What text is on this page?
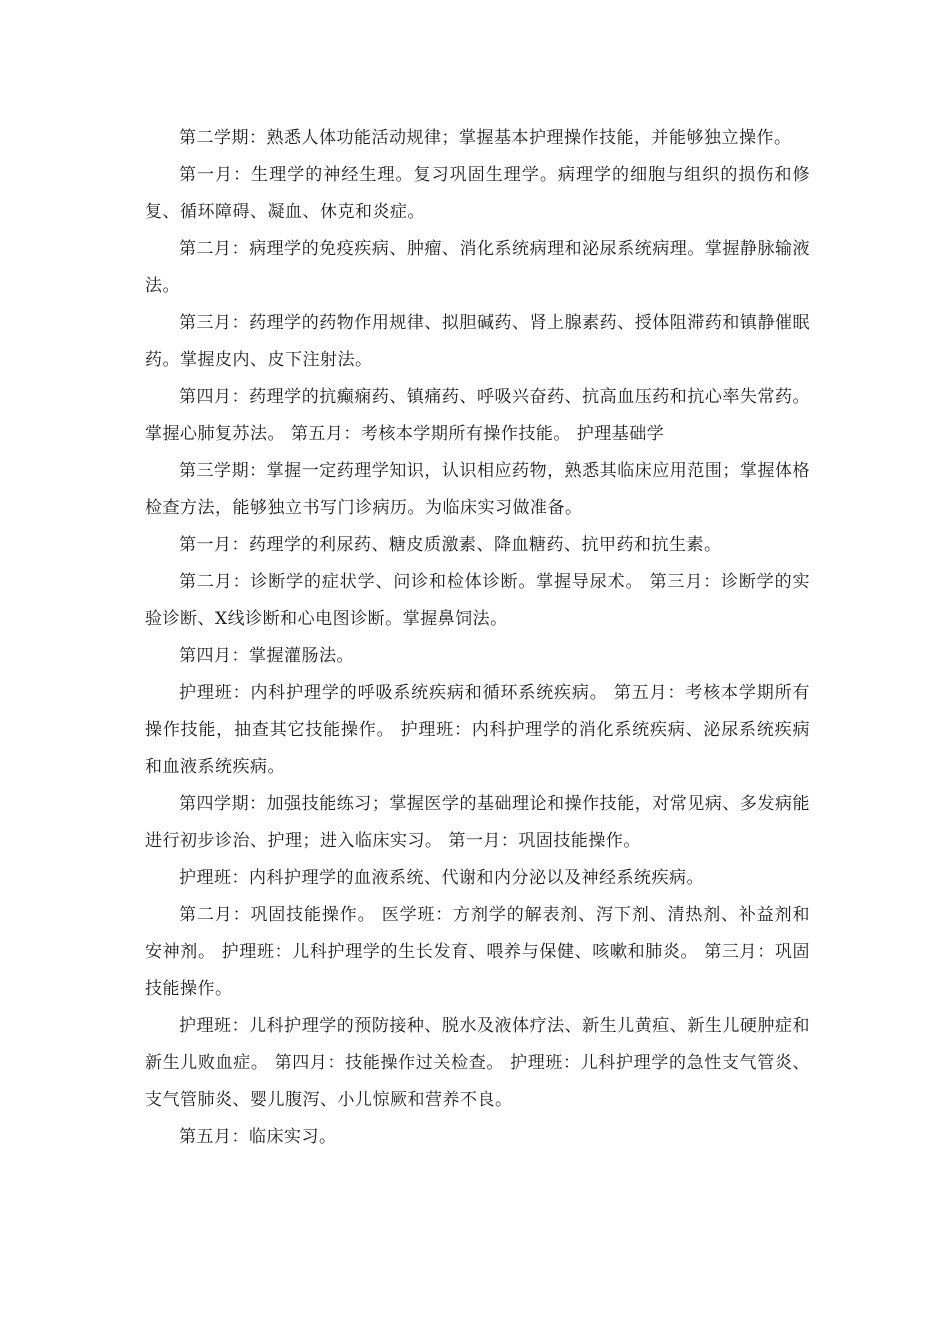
第二学期：熟悉人体功能活动规律；掌握基本护理操作技能，并能够独立操作。

第一月：生理学的神经生理。复习巩固生理学。病理学的细胞与组织的损伤和修复、循环障碍、凝血、休克和炎症。

第二月：病理学的免疫疾病、肿瘤、消化系统病理和泌尿系统病理。掌握静脉输液法。

第三月：药理学的药物作用规律、拟胆碱药、肾上腺素药、授体阻滞药和镇静催眠药。掌握皮内、皮下注射法。

第四月：药理学的抗癫痫药、镇痛药、呼吸兴奋药、抗高血压药和抗心率失常药。掌握心肺复苏法。 第五月：考核本学期所有操作技能。 护理基础学

第三学期：掌握一定药理学知识，认识相应药物，熟悉其临床应用范围；掌握体格检查方法，能够独立书写门诊病历。为临床实习做准备。

第一月：药理学的利尿药、糖皮质激素、降血糖药、抗甲药和抗生素。

第二月：诊断学的症状学、问诊和检体诊断。掌握导尿术。 第三月：诊断学的实验诊断、X线诊断和心电图诊断。掌握鼻饲法。

第四月：掌握灌肠法。

护理班：内科护理学的呼吸系统疾病和循环系统疾病。 第五月：考核本学期所有操作技能，抽查其它技能操作。 护理班：内科护理学的消化系统疾病、泌尿系统疾病和血液系统疾病。

第四学期：加强技能练习；掌握医学的基础理论和操作技能，对常见病、多发病能进行初步诊治、护理；进入临床实习。 第一月：巩固技能操作。

护理班：内科护理学的血液系统、代谢和内分泌以及神经系统疾病。

第二月：巩固技能操作。 医学班：方剂学的解表剂、泻下剂、清热剂、补益剂和安神剂。 护理班：儿科护理学的生长发育、喂养与保健、咳嗽和肺炎。 第三月：巩固技能操作。

护理班：儿科护理学的预防接种、脱水及液体疗法、新生儿黄疸、新生儿硬肿症和新生儿败血症。 第四月：技能操作过关检查。 护理班：儿科护理学的急性支气管炎、支气管肺炎、婴儿腹泻、小儿惊厥和营养不良。

第五月：临床实习。
